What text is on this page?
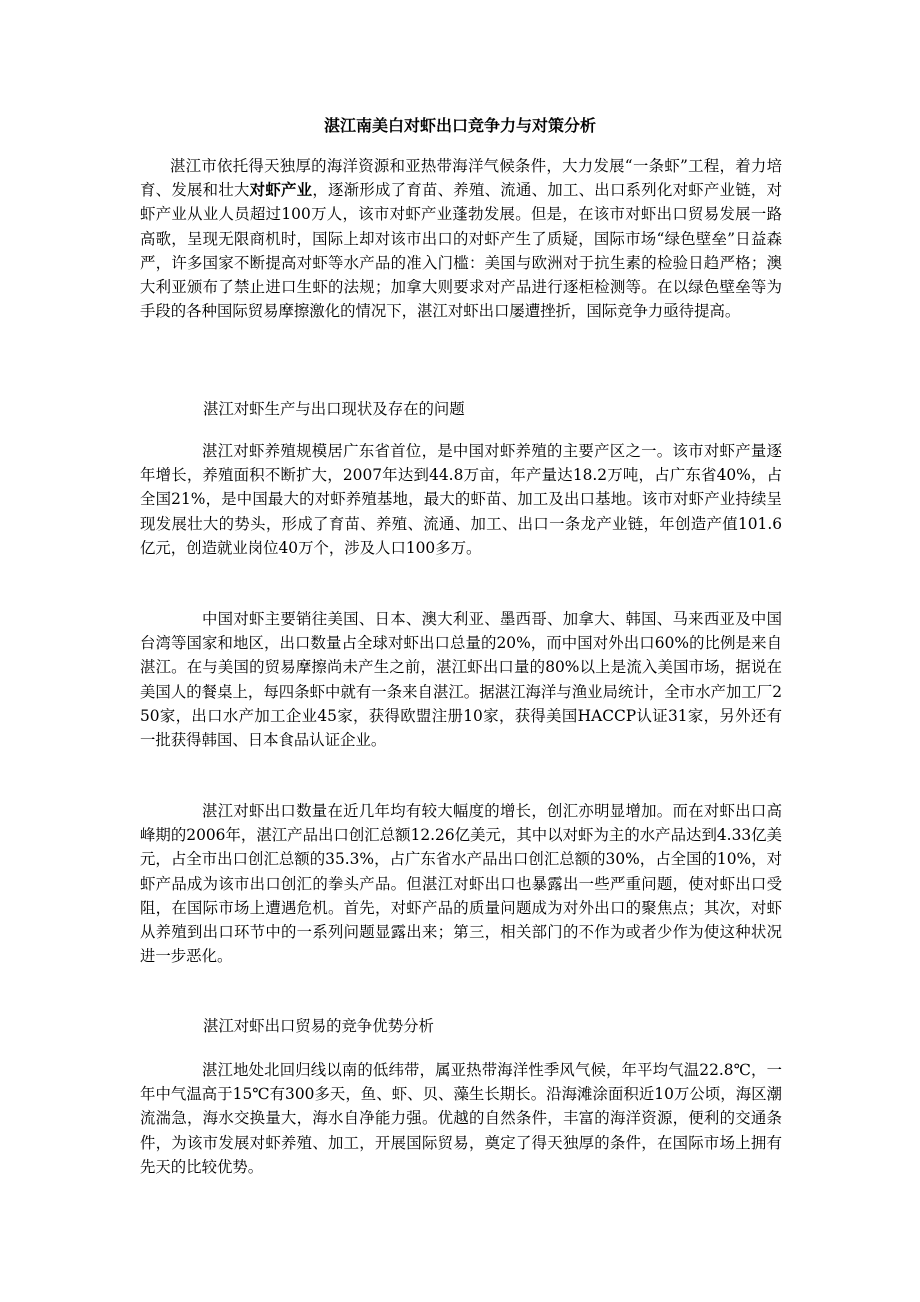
湛江南美白对虾出口竞争力与对策分析

湛江市依托得天独厚的海洋资源和亚热带海洋气候条件，大力发展“一条虾”工程，着力培育、发展和壮大对虾产业，逐渐形成了育苗、养殖、流通、加工、出口系列化对虾产业链，对虾产业从业人员超过100万人，该市对虾产业蓬勃发展。但是，在该市对虾出口贸易发展一路高歌，呈现无限商机时，国际上却对该市出口的对虾产生了质疑，国际市场“绿色壁垒”日益森严，许多国家不断提高对虾等水产品的准入门槛：美国与欧洲对于抗生素的检验日趋严格；澳大利亚颁布了禁止进口生虾的法规；加拿大则要求对产品进行逐柜检测等。在以绿色壁垒等为手段的各种国际贸易摩擦激化的情况下，湛江对虾出口屡遭挫折，国际竞争力亟待提高。

湛江对虾生产与出口现状及存在的问题

湛江对虾养殖规模居广东省首位，是中国对虾养殖的主要产区之一。该市对虾产量逐年增长，养殖面积不断扩大，2007年达到44.8万亩，年产量达18.2万吨，占广东省40%，占全国21%，是中国最大的对虾养殖基地，最大的虾苗、加工及出口基地。该市对虾产业持续呈现发展壮大的势头，形成了育苗、养殖、流通、加工、出口一条龙产业链，年创造产值101.6亿元，创造就业岗位40万个，涉及人口100多万。

中国对虾主要销往美国、日本、澳大利亚、墨西哥、加拿大、韩国、马来西亚及中国台湾等国家和地区，出口数量占全球对虾出口总量的20%，而中国对外出口60%的比例是来自湛江。在与美国的贸易摩擦尚未产生之前，湛江虾出口量的80%以上是流入美国市场，据说在美国人的餐桌上，每四条虾中就有一条来自湛江。据湛江海洋与渔业局统计，全市水产加工厂250家，出口水产加工企业45家，获得欧盟注册10家，获得美国HACCP认证31家，另外还有一批获得韩国、日本食品认证企业。

湛江对虾出口数量在近几年均有较大幅度的增长，创汇亦明显增加。而在对虾出口高峰期的2006年，湛江产品出口创汇总额12.26亿美元，其中以对虾为主的水产品达到4.33亿美元，占全市出口创汇总额的35.3%，占广东省水产品出口创汇总额的30%，占全国的10%，对虾产品成为该市出口创汇的拳头产品。但湛江对虾出口也暴露出一些严重问题，使对虾出口受阻，在国际市场上遭遇危机。首先，对虾产品的质量问题成为对外出口的聚焦点；其次，对虾从养殖到出口环节中的一系列问题显露出来；第三，相关部门的不作为或者少作为使这种状况进一步恶化。

湛江对虾出口贸易的竞争优势分析

湛江地处北回归线以南的低纬带，属亚热带海洋性季风气候，年平均气温22.8℃，一年中气温高于15℃有300多天，鱼、虾、贝、藻生长期长。沿海滩涂面积近10万公顷，海区潮流湍急，海水交换量大，海水自净能力强。优越的自然条件，丰富的海洋资源，便利的交通条件，为该市发展对虾养殖、加工，开展国际贸易，奠定了得天独厚的条件，在国际市场上拥有先天的比较优势。
